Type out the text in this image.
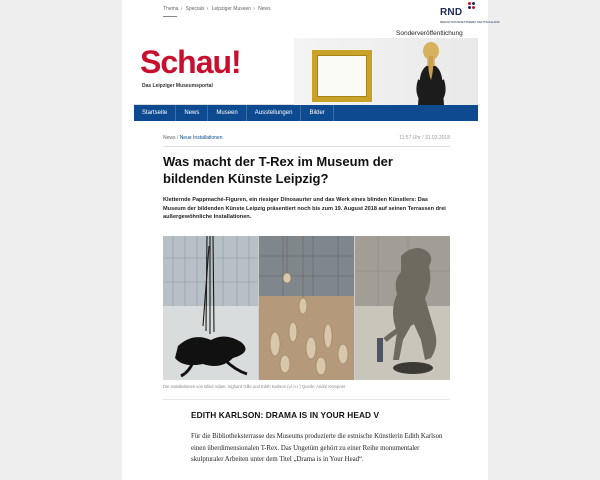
Thema › Specials › Leipziger Museen › News	RND
REDAKTIONSNETZWERK DEUTSCHLAND
Schau!
Das Leipziger Museumsportal
Sonderveröffentlichung
Startseite	News	Museen	Ausstellungen	Bilder
News / Neue Installationen	11:57 Uhr / 31.03.2018
Was macht der T-Rex im Museum der bildenden Künste Leipzig?

Kletternde Pappmaché-Figuren, ein riesiger Dinosaurier und das Werk eines blinden Künstlers: Das Museum der bildenden Künste Leipzig präsentiert noch bis zum 19. August 2018 auf seinen Terrassen drei außergewöhnliche Installationen.

Die Installationen von Blind Adam, Sighard Gille und Edith Karlson (v.l.n.r.) Quelle: André Kempner
EDITH KARLSON: DRAMA IS IN YOUR HEAD V

Für die Bibliotheksterrasse des Museums produzierte die estnische Künstlerin Edith Karlson einen überdimensionalen T-Rex. Das Ungetüm gehört zu einer Reihe monumentaler skulpturaler Arbeiten unter dem Titel „Drama is in Your Head“.
